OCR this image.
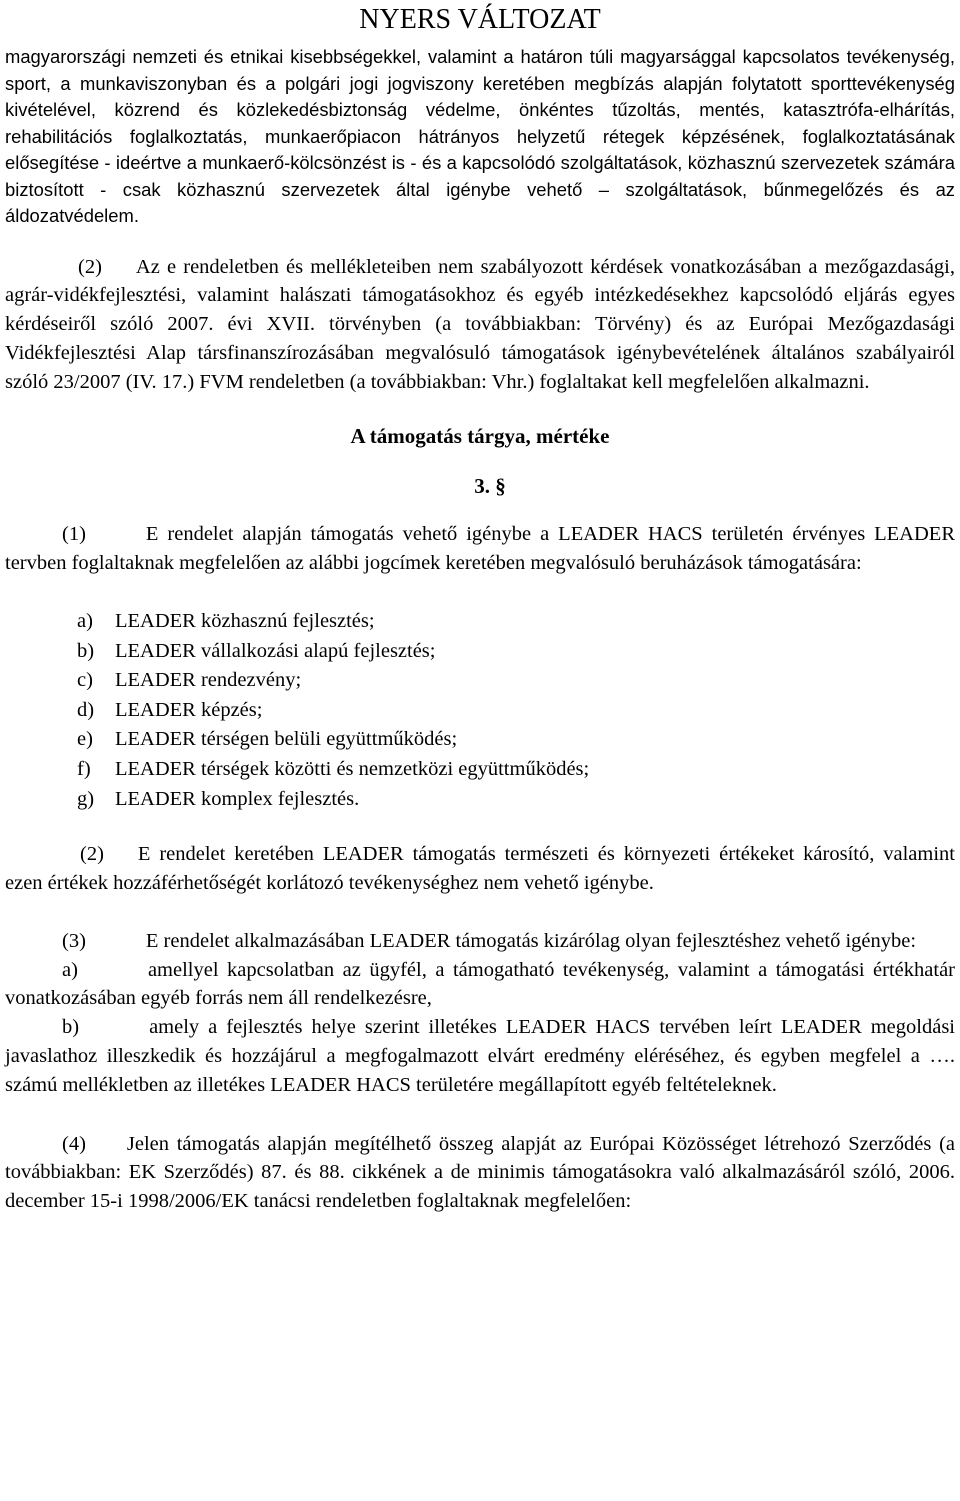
NYERS VÁLTOZAT

magyarországi nemzeti és etnikai kisebbségekkel, valamint a határon túli magyarsággal kapcsolatos tevékenység, sport, a munkaviszonyban és a polgári jogi jogviszony keretében megbízás alapján folytatott sporttevékenység kivételével, közrend és közlekedésbiztonság védelme, önkéntes tűzoltás, mentés, katasztrófa-elhárítás, rehabilitációs foglalkoztatás, munkaerőpiacon hátrányos helyzetű rétegek képzésének, foglalkoztatásának elősegítése - ideértve a munkaerő-kölcsönzést is - és a kapcsolódó szolgáltatások, közhasznú szervezetek számára biztosított - csak közhasznú szervezetek által igénybe vehető – szolgáltatások, bűnmegelőzés és az áldozatvédelem.

(2) Az e rendeletben és mellékleteiben nem szabályozott kérdések vonatkozásában a mezőgazdasági, agrár-vidékfejlesztési, valamint halászati támogatásokhoz és egyéb intézkedésekhez kapcsolódó eljárás egyes kérdéseiről szóló 2007. évi XVII. törvényben (a továbbiakban: Törvény) és az Európai Mezőgazdasági Vidékfejlesztési Alap társfinanszírozásában megvalósuló támogatások igénybevételének általános szabályairól szóló 23/2007 (IV. 17.) FVM rendeletben (a továbbiakban: Vhr.) foglaltakat kell megfelelően alkalmazni.

A támogatás tárgya, mértéke

3. §

(1)	E rendelet alapján támogatás vehető igénybe a LEADER HACS területén érvényes LEADER tervben foglaltaknak megfelelően az alábbi jogcímek keretében megvalósuló beruházások támogatására:

a) LEADER közhasznú fejlesztés;
b) LEADER vállalkozási alapú fejlesztés;
c) LEADER rendezvény;
d) LEADER képzés;
e) LEADER térségen belüli együttműködés;
f) LEADER térségek közötti és nemzetközi együttműködés;
g) LEADER komplex fejlesztés.

(2) E rendelet keretében LEADER támogatás természeti és környezeti értékeket károsító, valamint ezen értékek hozzáférhetőségét korlátozó tevékenységhez nem vehető igénybe.

(3)	E rendelet alkalmazásában LEADER támogatás kizárólag olyan fejlesztéshez vehető igénybe:

a)	amellyel kapcsolatban az ügyfél, a támogatható tevékenység, valamint a támogatási értékhatár vonatkozásában egyéb forrás nem áll rendelkezésre,

b)	amely a fejlesztés helye szerint illetékes LEADER HACS tervében leírt LEADER megoldási javaslathoz illeszkedik és hozzájárul a megfogalmazott elvárt eredmény eléréséhez, és egyben megfelel a …. számú mellékletben az illetékes LEADER HACS területére megállapított egyéb feltételeknek.

(4) Jelen támogatás alapján megítélhető összeg alapját az Európai Közösséget létrehozó Szerződés (a továbbiakban: EK Szerződés) 87. és 88. cikkének a de minimis támogatásokra való alkalmazásáról szóló, 2006. december 15-i 1998/2006/EK tanácsi rendeletben foglaltaknak megfelelően:
